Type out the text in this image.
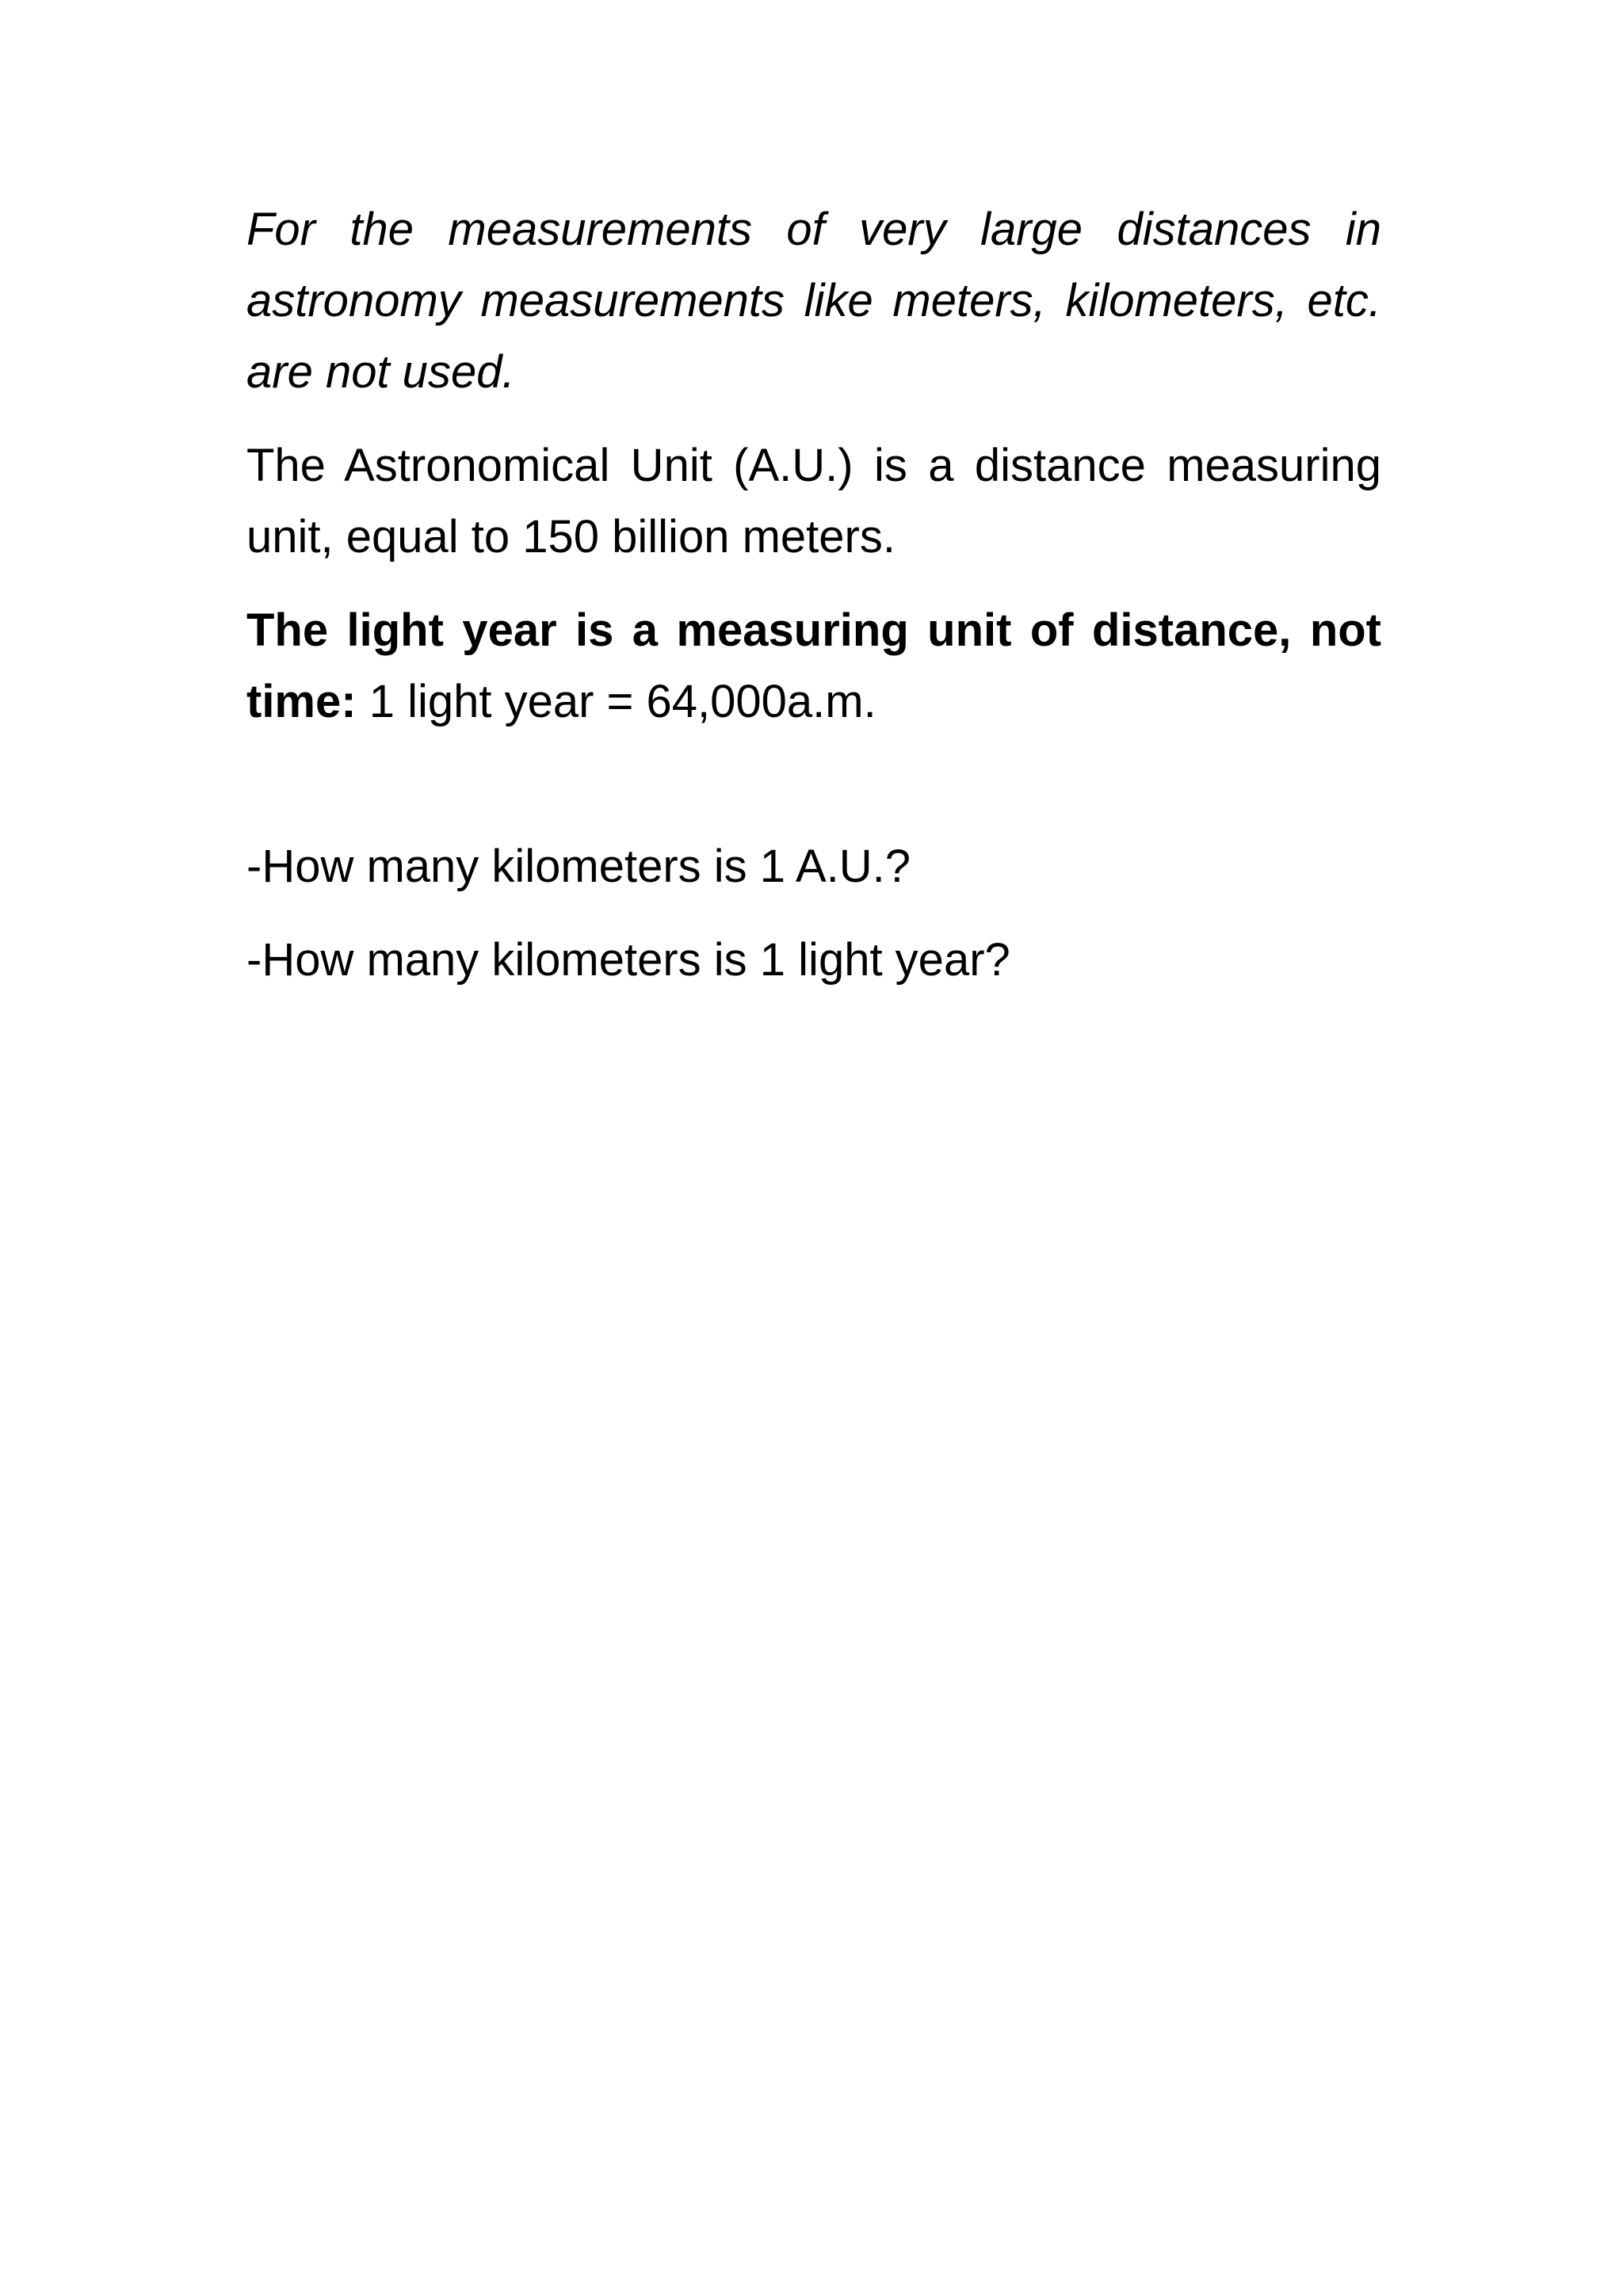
For the measurements of very large distances in astronomy measurements like meters, kilometers, etc. are not used.

The Astronomical Unit (A.U.) is a distance measuring unit, equal to 150 billion meters.

The light year is a measuring unit of distance, not time: 1 light year = 64,000a.m.

-How many kilometers is 1 A.U.?

-How many kilometers is 1 light year?
